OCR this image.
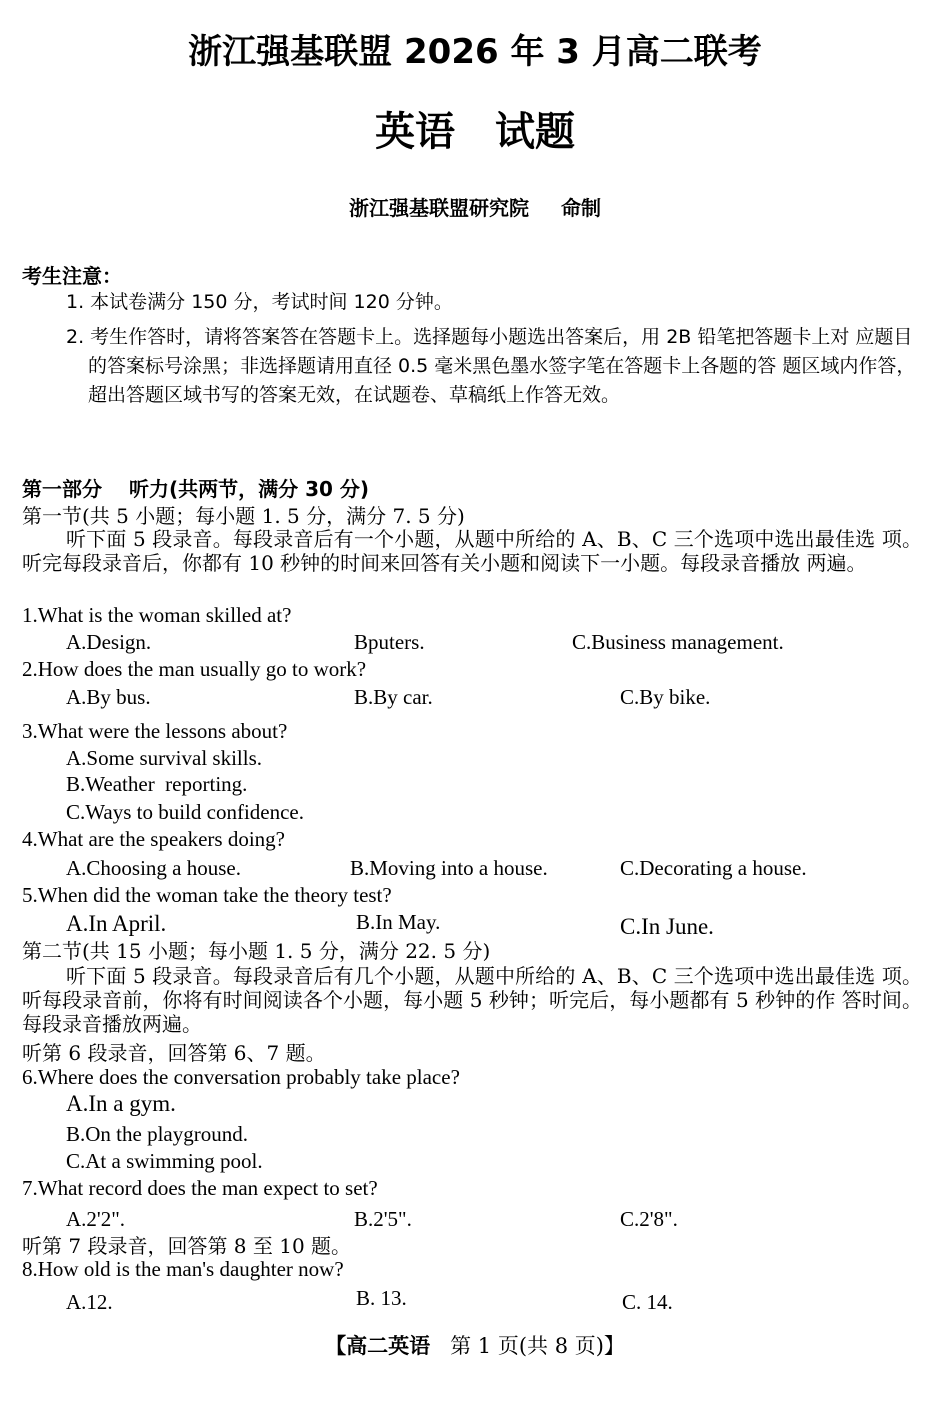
浙江强基联盟 2026 年 3 月高二联考
英语　试题
浙江强基联盟研究院 命制
考生注意：
1. 本试卷满分 150 分，考试时间 120 分钟。
2. 考生作答时，请将答案答在答题卡上。选择题每小题选出答案后，用 2B 铅笔把答题卡上对 应题目的答案标号涂黑；非选择题请用直径 0.5 毫米黑色墨水签字笔在答题卡上各题的答 题区域内作答，超出答题区域书写的答案无效，在试题卷、草稿纸上作答无效。
第一部分　 听力(共两节，满分 30 分)
第一节(共 5 小题；每小题 1. 5 分，满分 7. 5 分)
听下面 5 段录音。每段录音后有一个小题，从题中所给的 A、B、C 三个选项中选出最佳选 项。听完每段录音后，你都有 10 秒钟的时间来回答有关小题和阅读下一小题。每段录音播放 两遍。
1.What is the woman skilled at?
A.Design.	Bputers.	C.Business management.
2.How does the man usually go to work?
A.By bus.	B.By car.	C.By bike.
3.What were the lessons about?
A.Some survival skills.
B.Weather  reporting.
C.Ways to build confidence.
4.What are the speakers doing?
A.Choosing a house.	B.Moving into a house.	C.Decorating a house.
5.When did the woman take the theory test?
A.In April.	B.In May.	C.In June.
第二节(共 15 小题；每小题 1. 5 分，满分 22. 5 分)
听下面 5 段录音。每段录音后有几个小题，从题中所给的 A、B、C 三个选项中选出最佳选 项。听每段录音前，你将有时间阅读各个小题，每小题 5 秒钟；听完后，每小题都有 5 秒钟的作 答时间。每段录音播放两遍。
听第 6 段录音，回答第 6、7 题。
6.Where does the conversation probably take place?
A.In a gym.
B.On the playground.
C.At a swimming pool.
7.What record does the man expect to set?
A.2'2".	B.2'5".	C.2'8".
听第 7 段录音，回答第 8 至 10 题。
8.How old is the man's daughter now?
A.12.	B. 13.	C. 14.
【高二英语 第 1 页(共 8 页)】
